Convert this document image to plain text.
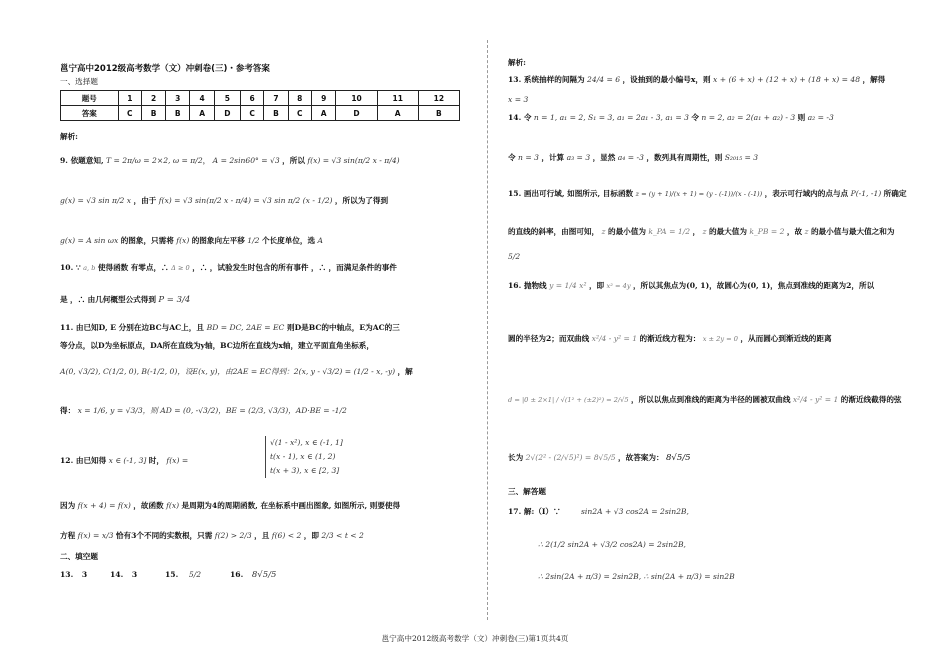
邕宁高中2012级高考数学（文）冲刺卷(三)・参考答案
一、选择题
题号	1	2	3	4	5	6	7	8	9	10	11	12
答案	C	B	B	A	D	C	B	C	A	D	A	B
解析:
9. 依题意知, T = 2π/ω = 2×2, ω = π/2， A = 2sin60° = √3 ，所以 f(x) = √3 sin(π/2 x - π/4)
g(x) = √3 sin π/2 x ，由于 f(x) = √3 sin(π/2 x - π/4) = √3 sin π/2 (x - 1/2) ，所以为了得到
g(x) = A sin ωx 的图象，只需将 f(x) 的图象向左平移 1/2 个长度单位，选 A
10. ∵ a, b 使得函数 有零点，∴ Δ ≥ 0 ，∴ ，试验发生时包含的所有事件 ，∴ ，而满足条件的事件
是 ，∴ 由几何概型公式得到 P = 3/4
11. 由已知D, E 分别在边BC与AC上，且 BD = DC, 2AE = EC 则D是BC的中轴点，E为AC的三
等分点，以D为坐标原点，DA所在直线为y轴，BC边所在直线为x轴，建立平面直角坐标系，
A(0, √3/2), C(1/2, 0), B(-1/2, 0)，设E(x, y)，由2AE = EC得到：2(x, y - √3/2) = (1/2 - x, -y) ，解
得： x = 1/6, y = √3/3，则 AD = (0, -√3/2)，BE = (2/3, √3/3)，AD·BE = -1/2
12. 由已知得 x ∈ (-1, 3] 时， f(x) =
√(1 - x²), x ∈ (-1, 1]
t(x - 1), x ∈ (1, 2)
t(x + 3), x ∈ [2, 3]
因为 f(x + 4) = f(x) ，故函数 f(x) 是周期为4的周期函数, 在坐标系中画出图象, 如图所示, 则要使得
方程 f(x) = x/3 恰有3个不同的实数根，只需 f(2) > 2/3 ，且 f(6) < 2 ，即 2/3 < t < 2
二、填空题
13. 3	14. 3	15. 5/2	16. 8√5/5
解析:
13. 系统抽样的间隔为 24/4 = 6 ，设抽到的最小编号x，则 x + (6 + x) + (12 + x) + (18 + x) = 48 ，解得
x = 3
14. 令 n = 1, a₁ = 2, S₁ = 3, a₁ = 2a₁ - 3, a₁ = 3 令 n = 2, a₂ = 2(a₁ + a₂) - 3 则 a₂ = -3
令 n = 3 ，计算 a₃ = 3 ，显然 a₄ = -3 ，数列具有周期性，则 S₂₀₁₅ = 3
15. 画出可行域, 如图所示, 目标函数 z = (y + 1)/(x + 1) = (y - (-1))/(x - (-1)) ，表示可行域内的点与点 P(-1, -1) 所确定
的直线的斜率，由图可知， z 的最小值为 k_PA = 1/2 ， z 的最大值为 k_PB = 2 ，故 z 的最小值与最大值之和为
5/2
16. 抛物线 y = 1/4 x² ，即 x² = 4y ，所以其焦点为(0, 1)，故圆心为(0, 1)，焦点到准线的距离为2，所以
圆的半径为2；而双曲线 x²/4 - y² = 1 的渐近线方程为： x ± 2y = 0 ，从而圆心到渐近线的距离
d = |0 ± 2×1| / √(1² + (±2)²) = 2/√5 ，所以以焦点到准线的距离为半径的圆被双曲线 x²/4 - y² = 1 的渐近线截得的弦
长为 2√(2² - (2/√5)²) = 8√5/5 ，故答案为： 8√5/5
三、解答题
17. 解:（Ⅰ）∵	sin2A + √3 cos2A = 2sin2B,
∴ 2(1/2 sin2A + √3/2 cos2A) = 2sin2B,
∴ 2sin(2A + π/3) = 2sin2B, ∴ sin(2A + π/3) = sin2B
邕宁高中2012级高考数学（文）冲刺卷(三)第1页共4页
